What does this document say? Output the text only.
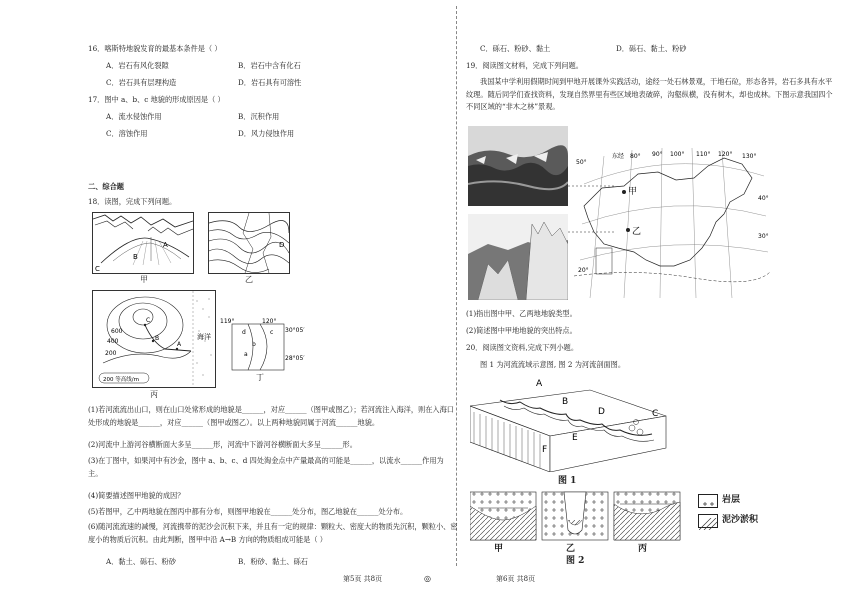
16．喀斯特地貌发育的最基本条件是（ ）
A．岩石有风化裂隙	B．岩石中含有化石
C．岩石具有层理构造	D．岩石具有可溶性
17．图中 a、b、c 地貌的形成原因是（ ）
A．流水侵蚀作用	B．沉积作用
C．溶蚀作用	D．风力侵蚀作用
二、综合题
18．读图，完成下列问题。
C
B
A
甲
D
乙
C
B
A
600
400
200
海洋
200 等高线/m
丙
119°	120°
30°05′
28°05′
d	c
b
a
丁
(1)若河流流出山口，则在山口处常形成的地貌是______，对应______（图甲或图乙）；若河流注入海洋，则在入海口处形成的地貌是______，对应______（图甲或图乙）。以上两种地貌同属于河流______地貌。
(2)河流中上游河谷横断面大多呈______形，河流中下游河谷横断面大多呈______形。
(3)在丁图中，如果河中有沙金，图中 a、b、c、d 四处淘金点中产量最高的可能是______，以流水______作用为主。
(4)简要描述图甲地貌的成因？
(5)若图甲，乙中两地貌在图丙中都有分布，则图甲地貌在______处分布，图乙地貌在______处分布。
(6)随河流流速的减慢，河流携带的泥沙会沉积下来，并且有一定的规律：颗粒大、密度大的物质先沉积，颗粒小、密度小的物质后沉积。由此判断，图甲中沿 A→B 方向的物质组成可能是（ ）
A．黏土、砾石、粉砂	B．粉砂、黏土、砾石
第5页 共8页	◎
C．砾石、粉砂、黏土	D．砾石、黏土、粉砂
19．阅读图文材料，完成下列问题。
我国某中学利用假期时间到甲地开展课外实践活动，途经一处石林景观，干地石砬，形态各异，岩石多具有水平纹理。随后同学们查找资料，发现自然界里有些区域地表破碎，沟壑纵横，没有树木，却也成林。下图示意我国四个不同区域的“非木之林”景观。
甲
乙
东经
50°
80° 90° 100° 110° 120° 130°
40°
30°
20°
(1)指出图中甲、乙两地地貌类型。
(2)简述图中甲地地貌的突出特点。
20．阅读图文资料,完成下列小题。
图 1 为河流流域示意图, 图 2 为河流剖面图。
A
B
C
D
E
F
图 1
甲	乙	丙
图 2
岩层
泥沙淤积
第6页 共8页
